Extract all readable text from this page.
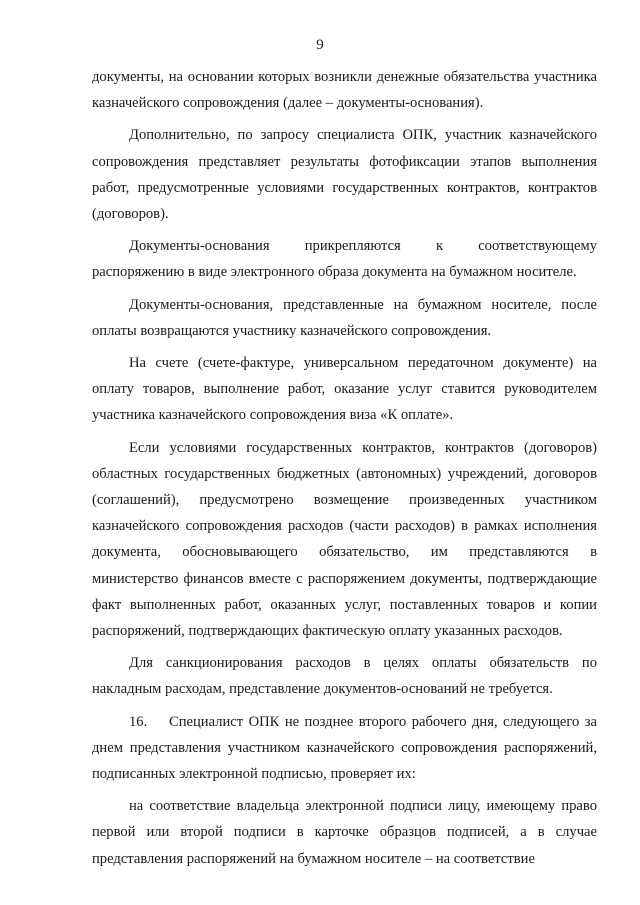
9

документы, на основании которых возникли денежные обязательства участника казначейского сопровождения (далее – документы-основания).

Дополнительно, по запросу специалиста ОПК, участник казначейского сопровождения представляет результаты фотофиксации этапов выполнения работ, предусмотренные условиями государственных контрактов, контрактов (договоров).

Документы-основания прикрепляются к соответствующему распоряжению в виде электронного образа документа на бумажном носителе.

Документы-основания, представленные на бумажном носителе, после оплаты возвращаются участнику казначейского сопровождения.

На счете (счете-фактуре, универсальном передаточном документе) на оплату товаров, выполнение работ, оказание услуг ставится руководителем участника казначейского сопровождения виза «К оплате».

Если условиями государственных контрактов, контрактов (договоров) областных государственных бюджетных (автономных) учреждений, договоров (соглашений), предусмотрено возмещение произведенных участником казначейского сопровождения расходов (части расходов) в рамках исполнения документа, обосновывающего обязательство, им представляются в министерство финансов вместе с распоряжением документы, подтверждающие факт выполненных работ, оказанных услуг, поставленных товаров и копии распоряжений, подтверждающих фактическую оплату указанных расходов.

Для санкционирования расходов в целях оплаты обязательств по накладным расходам, представление документов-оснований не требуется.

16.    Специалист ОПК не позднее второго рабочего дня, следующего за днем представления участником казначейского сопровождения распоряжений, подписанных электронной подписью, проверяет их:

на соответствие владельца электронной подписи лицу, имеющему право первой или второй подписи в карточке образцов подписей, а в случае представления распоряжений на бумажном носителе – на соответствие
